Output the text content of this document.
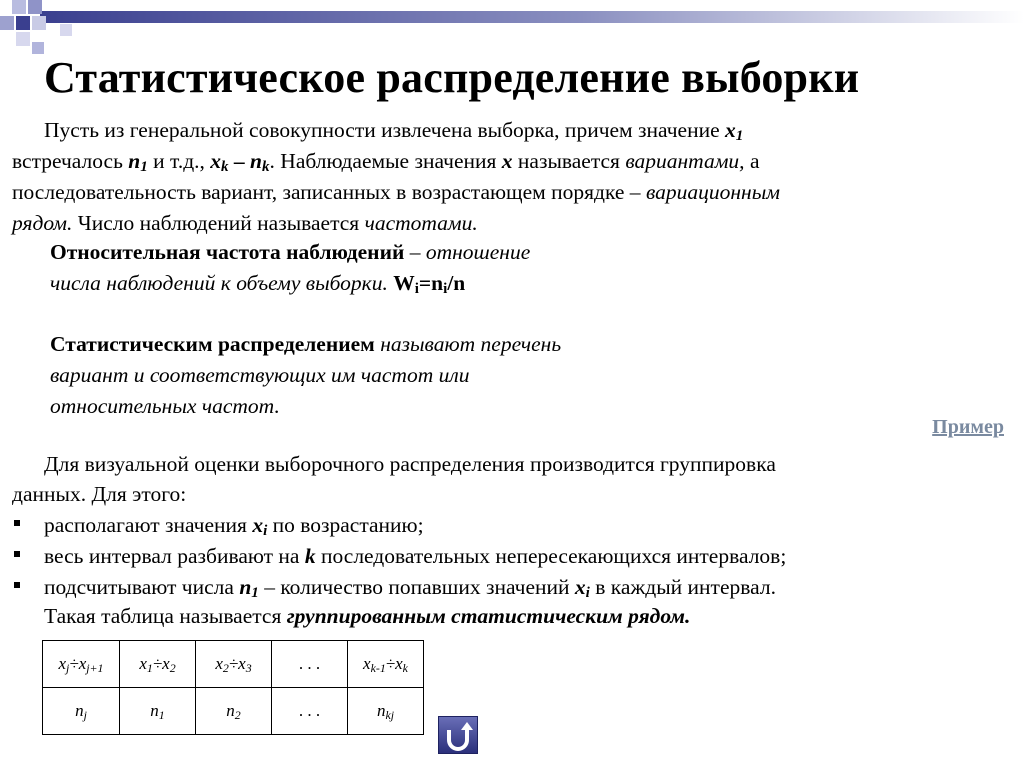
Статистическое распределение выборки
Пусть из генеральной совокупности извлечена выборка, причем значение $x_1$
встречалось $n_1$ и т.д., $x_k - n_k$. Наблюдаемые значения x называется вариантами, а
последовательность вариант, записанных в возрастающем порядке – вариационным
рядом. Число наблюдений называется частотами.
Относительная частота наблюдений – отношение
числа наблюдений к объему выборки. $W_i=n_i/n$
Статистическим распределением называют перечень
вариант и соответствующих им частот или
относительных частот.
Пример
Для визуальной оценки выборочного распределения производится группировка
данных. Для этого:
располагают значения $x_i$ по возрастанию;
весь интервал разбивают на k последовательных непересекающихся интервалов;
подсчитывают числа $n_1$ – количество попавших значений $x_i$ в каждый интервал.
Такая таблица называется группированным статистическим рядом.
$x_j\div x_{j+1}$	$x_1\div x_2$	$x_2\div x_3$	. . .	$x_{k-1}\div x_k$
$n_j$	$n_1$	$n_2$	. . .	$n_{kj}$
